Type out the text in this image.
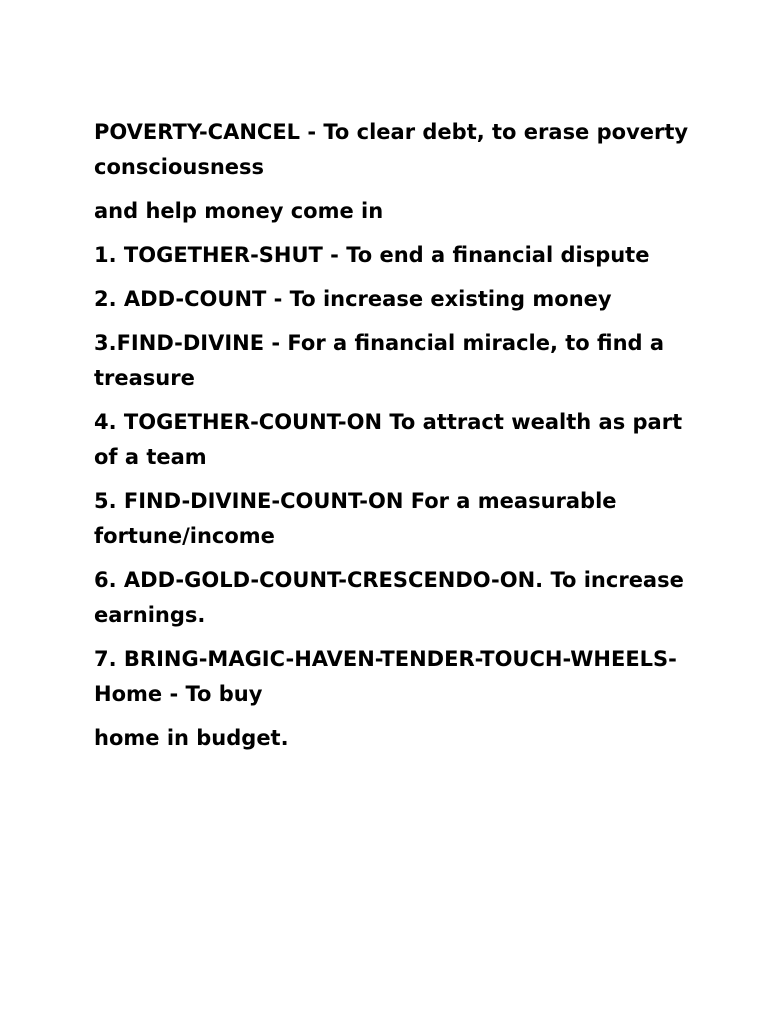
POVERTY-CANCEL - To clear debt, to erase poverty consciousness

and help money come in

1. TOGETHER-SHUT - To end a financial dispute

2. ADD-COUNT - To increase existing money

3.FIND-DIVINE - For a financial miracle, to find a treasure

4. TOGETHER-COUNT-ON To attract wealth as part of a team

5. FIND-DIVINE-COUNT-ON For a measurable fortune/income

6. ADD-GOLD-COUNT-CRESCENDO-ON. To increase earnings.

7. BRING-MAGIC-HAVEN-TENDER-TOUCH-WHEELS-Home - To buy

home in budget.
